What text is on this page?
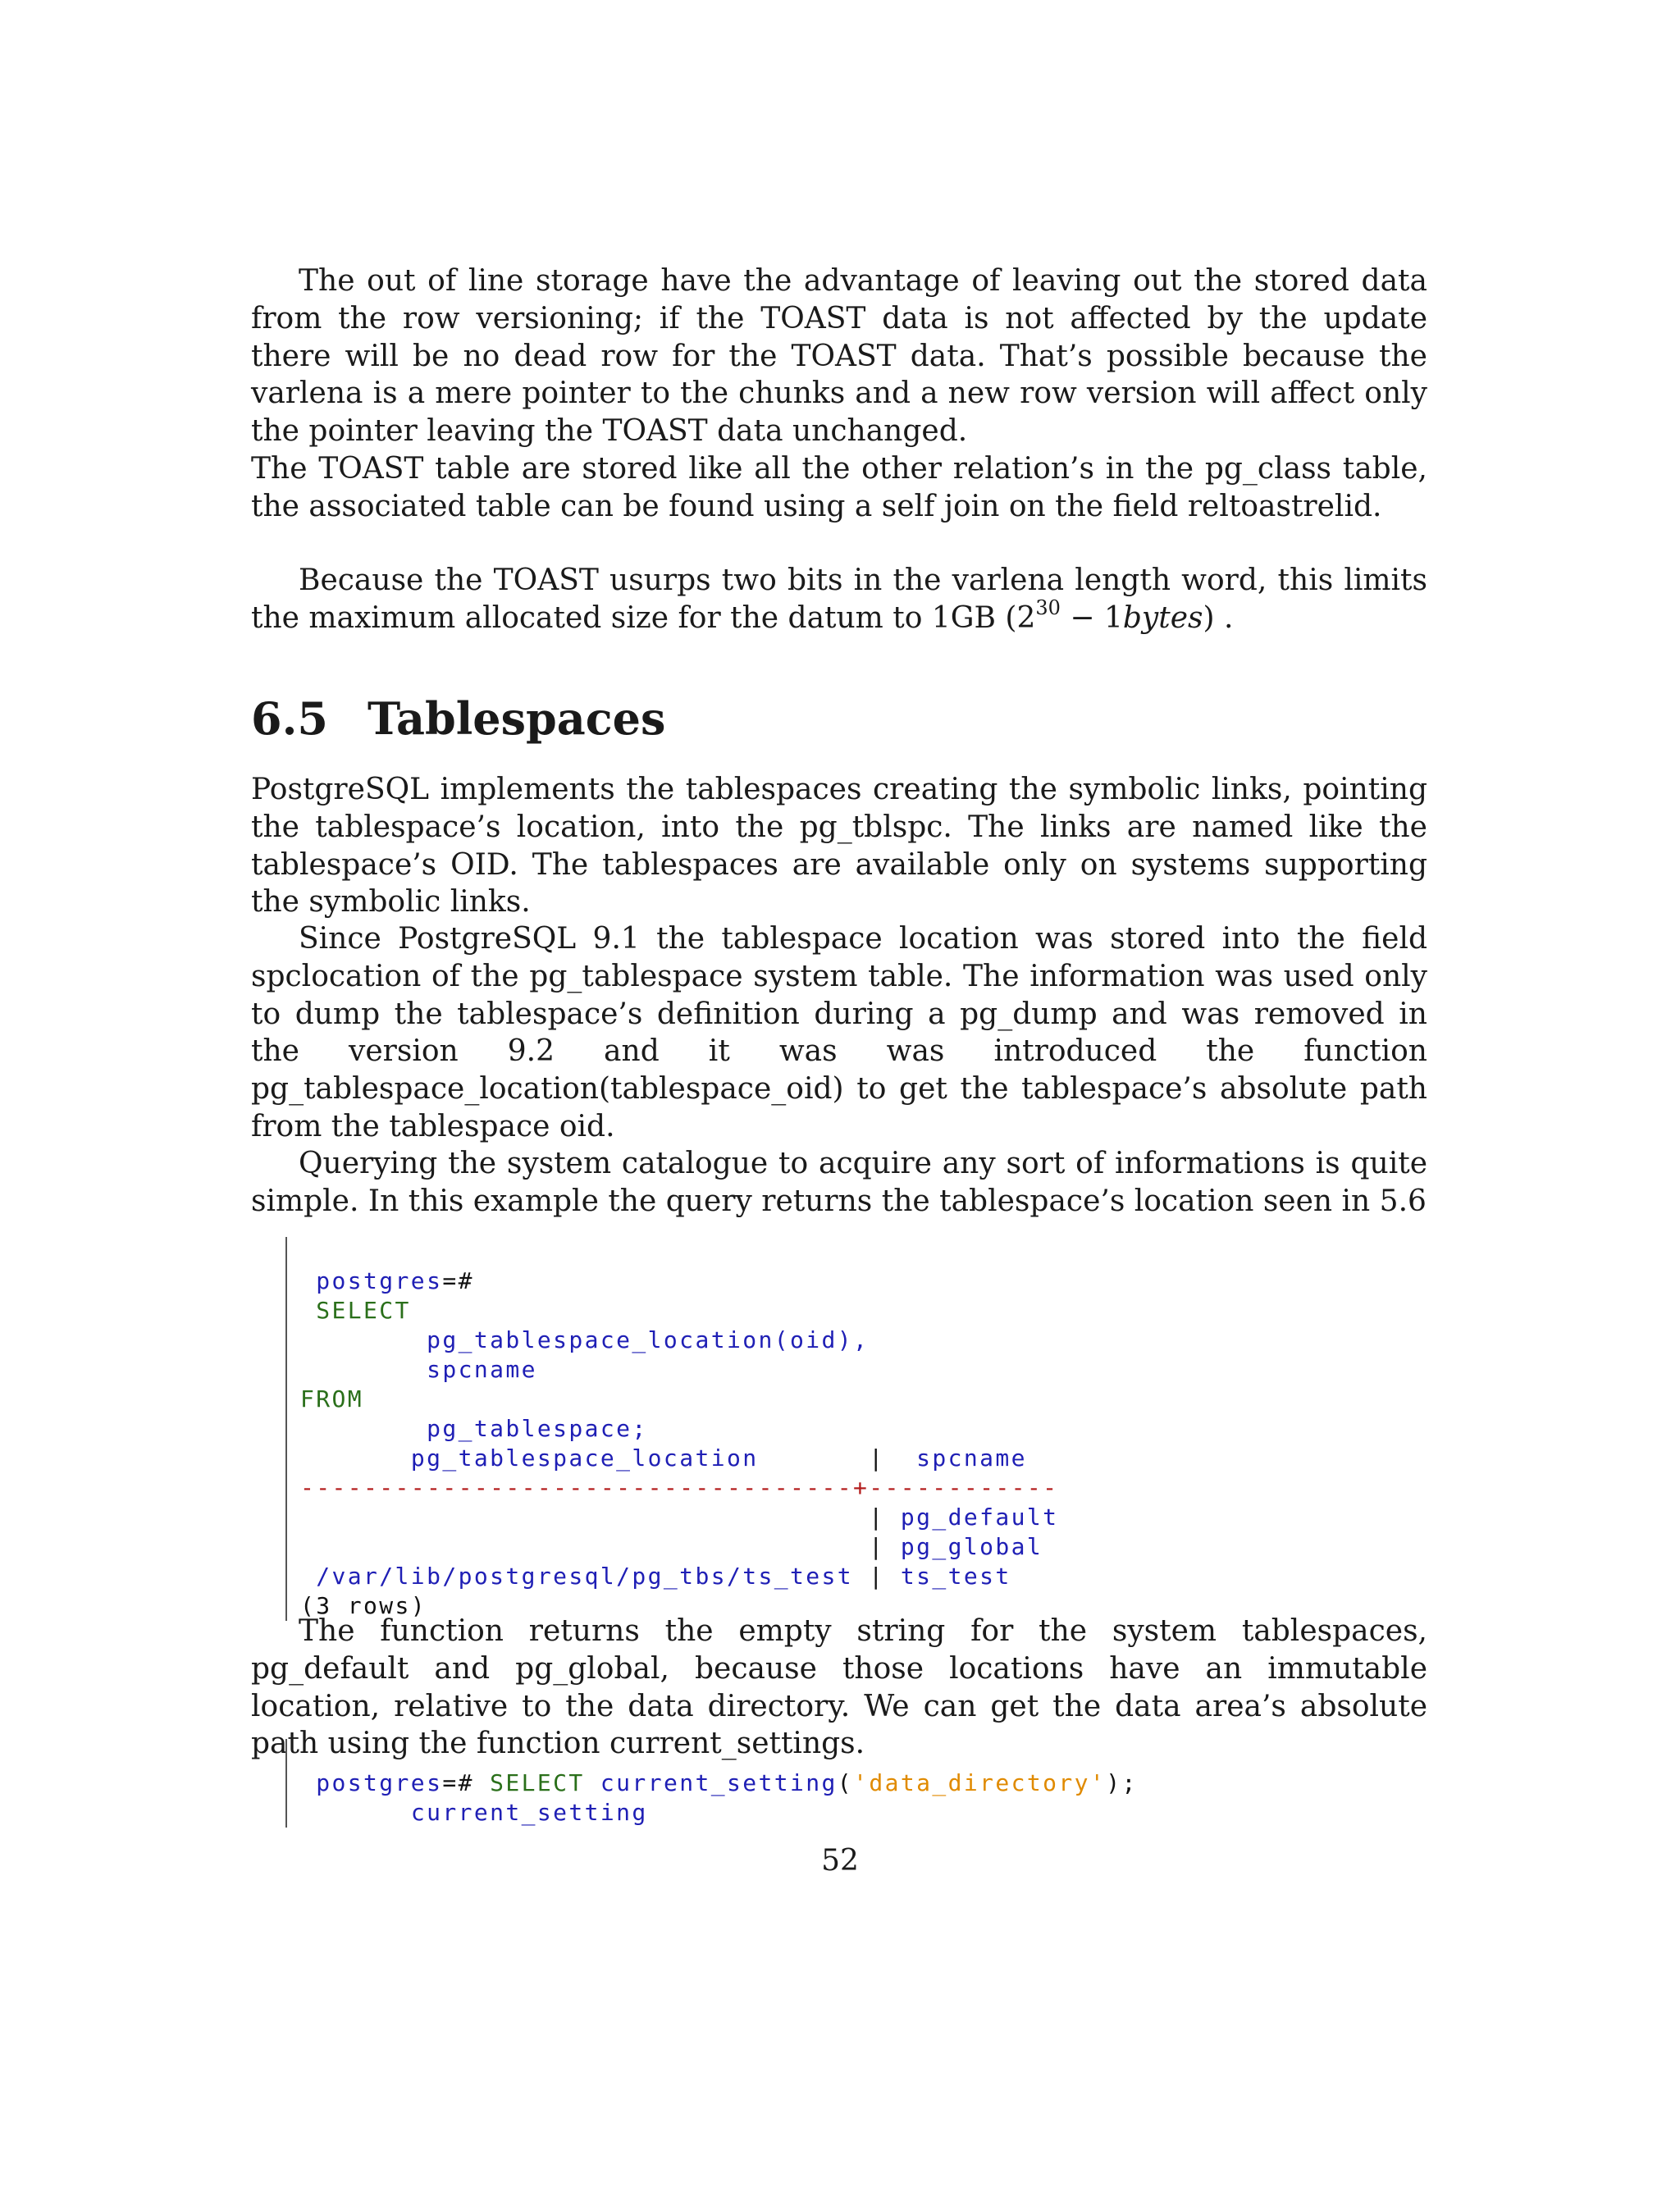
The out of line storage have the advantage of leaving out the stored data from the row versioning; if the TOAST data is not affected by the update there will be no dead row for the TOAST data. That’s possible because the varlena is a mere pointer to the chunks and a new row version will affect only the pointer leaving the TOAST data unchanged.

The TOAST table are stored like all the other relation’s in the pg_class table, the associated table can be found using a self join on the field reltoastrelid.

Because the TOAST usurps two bits in the varlena length word, this limits the maximum allocated size for the datum to 1GB ($2^{30}$ − 1bytes) .

6.5 Tablespaces

PostgreSQL implements the tablespaces creating the symbolic links, pointing the tablespace’s location, into the pg_tblspc. The links are named like the tablespace’s OID. The tablespaces are available only on systems supporting the symbolic links.

Since PostgreSQL 9.1 the tablespace location was stored into the field spclocation of the pg_tablespace system table. The information was used only to dump the tablespace’s definition during a pg_dump and was removed in the version 9.2 and it was was introduced the function pg_tablespace_location(tablespace_oid) to get the tablespace’s absolute path from the tablespace oid.

Querying the system catalogue to acquire any sort of informations is quite simple. In this example the query returns the tablespace’s location seen in 5.6

postgres=#
SELECT
pg_tablespace_location(oid),
spcname
FROM
pg_tablespace;
pg_tablespace_location	| spcname
-----------------------------------+------------
| pg_default
| pg_global
/var/lib/postgresql/pg_tbs/ts_test | ts_test
(3 rows)

The function returns the empty string for the system tablespaces, pg_default and pg_global, because those locations have an immutable location, relative to the data directory. We can get the data area’s absolute path using the function current_settings.

postgres=# SELECT current_setting('data_directory');
current_setting
52
